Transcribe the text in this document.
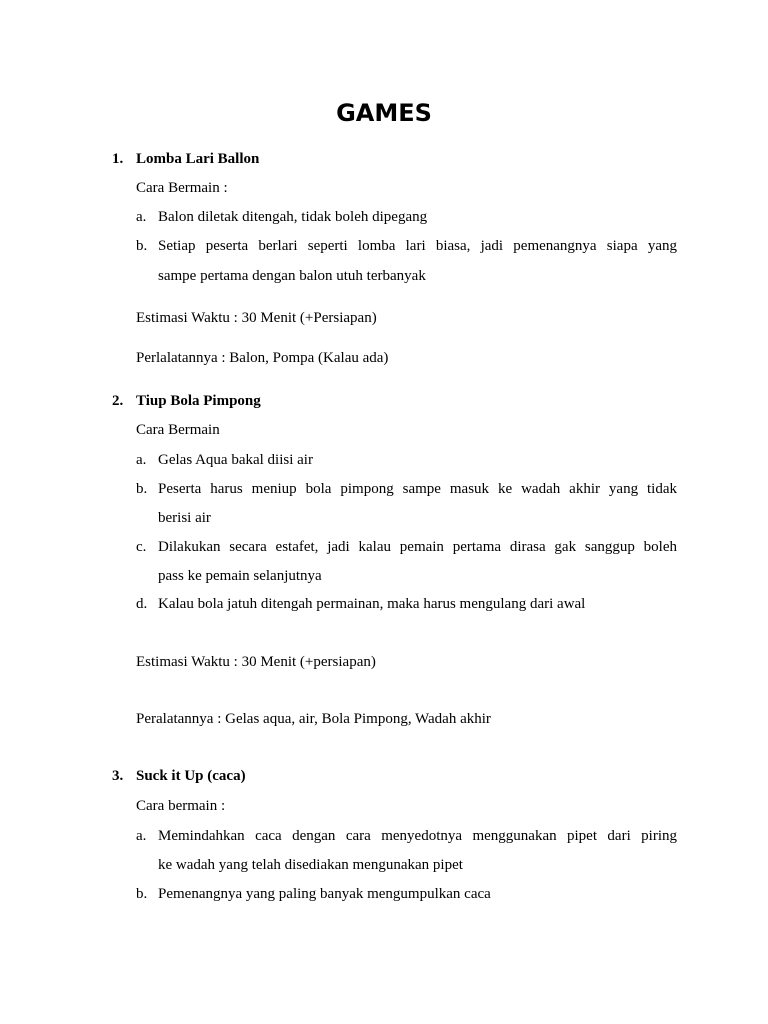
GAMES
1. Lomba Lari Ballon
Cara Bermain :
a. Balon diletak ditengah, tidak boleh dipegang
b. Setiap peserta berlari seperti lomba lari biasa, jadi pemenangnya siapa yang
sampe pertama dengan balon utuh terbanyak
Estimasi Waktu : 30 Menit (+Persiapan)
Perlalatannya : Balon, Pompa (Kalau ada)
2. Tiup Bola Pimpong
Cara Bermain
a. Gelas Aqua bakal diisi air
b. Peserta harus meniup bola pimpong sampe masuk ke wadah akhir yang tidak
berisi air
c. Dilakukan secara estafet, jadi kalau pemain pertama dirasa gak sanggup boleh
pass ke pemain selanjutnya
d. Kalau bola jatuh ditengah permainan, maka harus mengulang dari awal
Estimasi Waktu : 30 Menit (+persiapan)
Peralatannya : Gelas aqua, air, Bola Pimpong, Wadah akhir
3. Suck it Up (caca)
Cara bermain :
a. Memindahkan caca dengan cara menyedotnya menggunakan pipet dari piring
ke wadah yang telah disediakan mengunakan pipet
b. Pemenangnya yang paling banyak mengumpulkan caca
